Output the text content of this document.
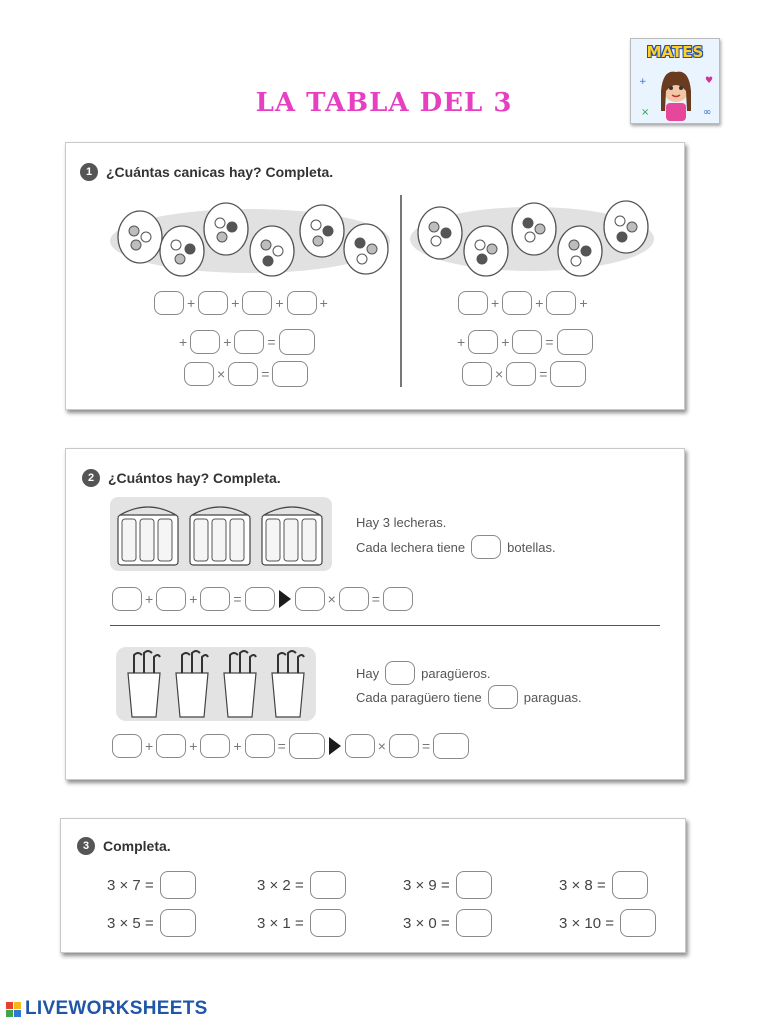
LA TABLA DEL 3
MATES
×	∞
+	♥
1 ¿Cuántas canicas hay? Completa.
+	+	+	+
+	+	=
×	=
+	+	+
+	+	=
×	=
2 ¿Cuántos hay? Completa.
Hay 3 lecheras.
Cada lechera tiene	botellas.
+	+	=	×	=
Hay	paragüeros.
Cada paragüero tiene	paraguas.
+	+	+	=	×	=
3 Completa.
3 × 7 =	3 × 2 =	3 × 9 =	3 × 8 =
3 × 5 =	3 × 1 =	3 × 0 =	3 × 10 =
LIVEWORKSHEETS
